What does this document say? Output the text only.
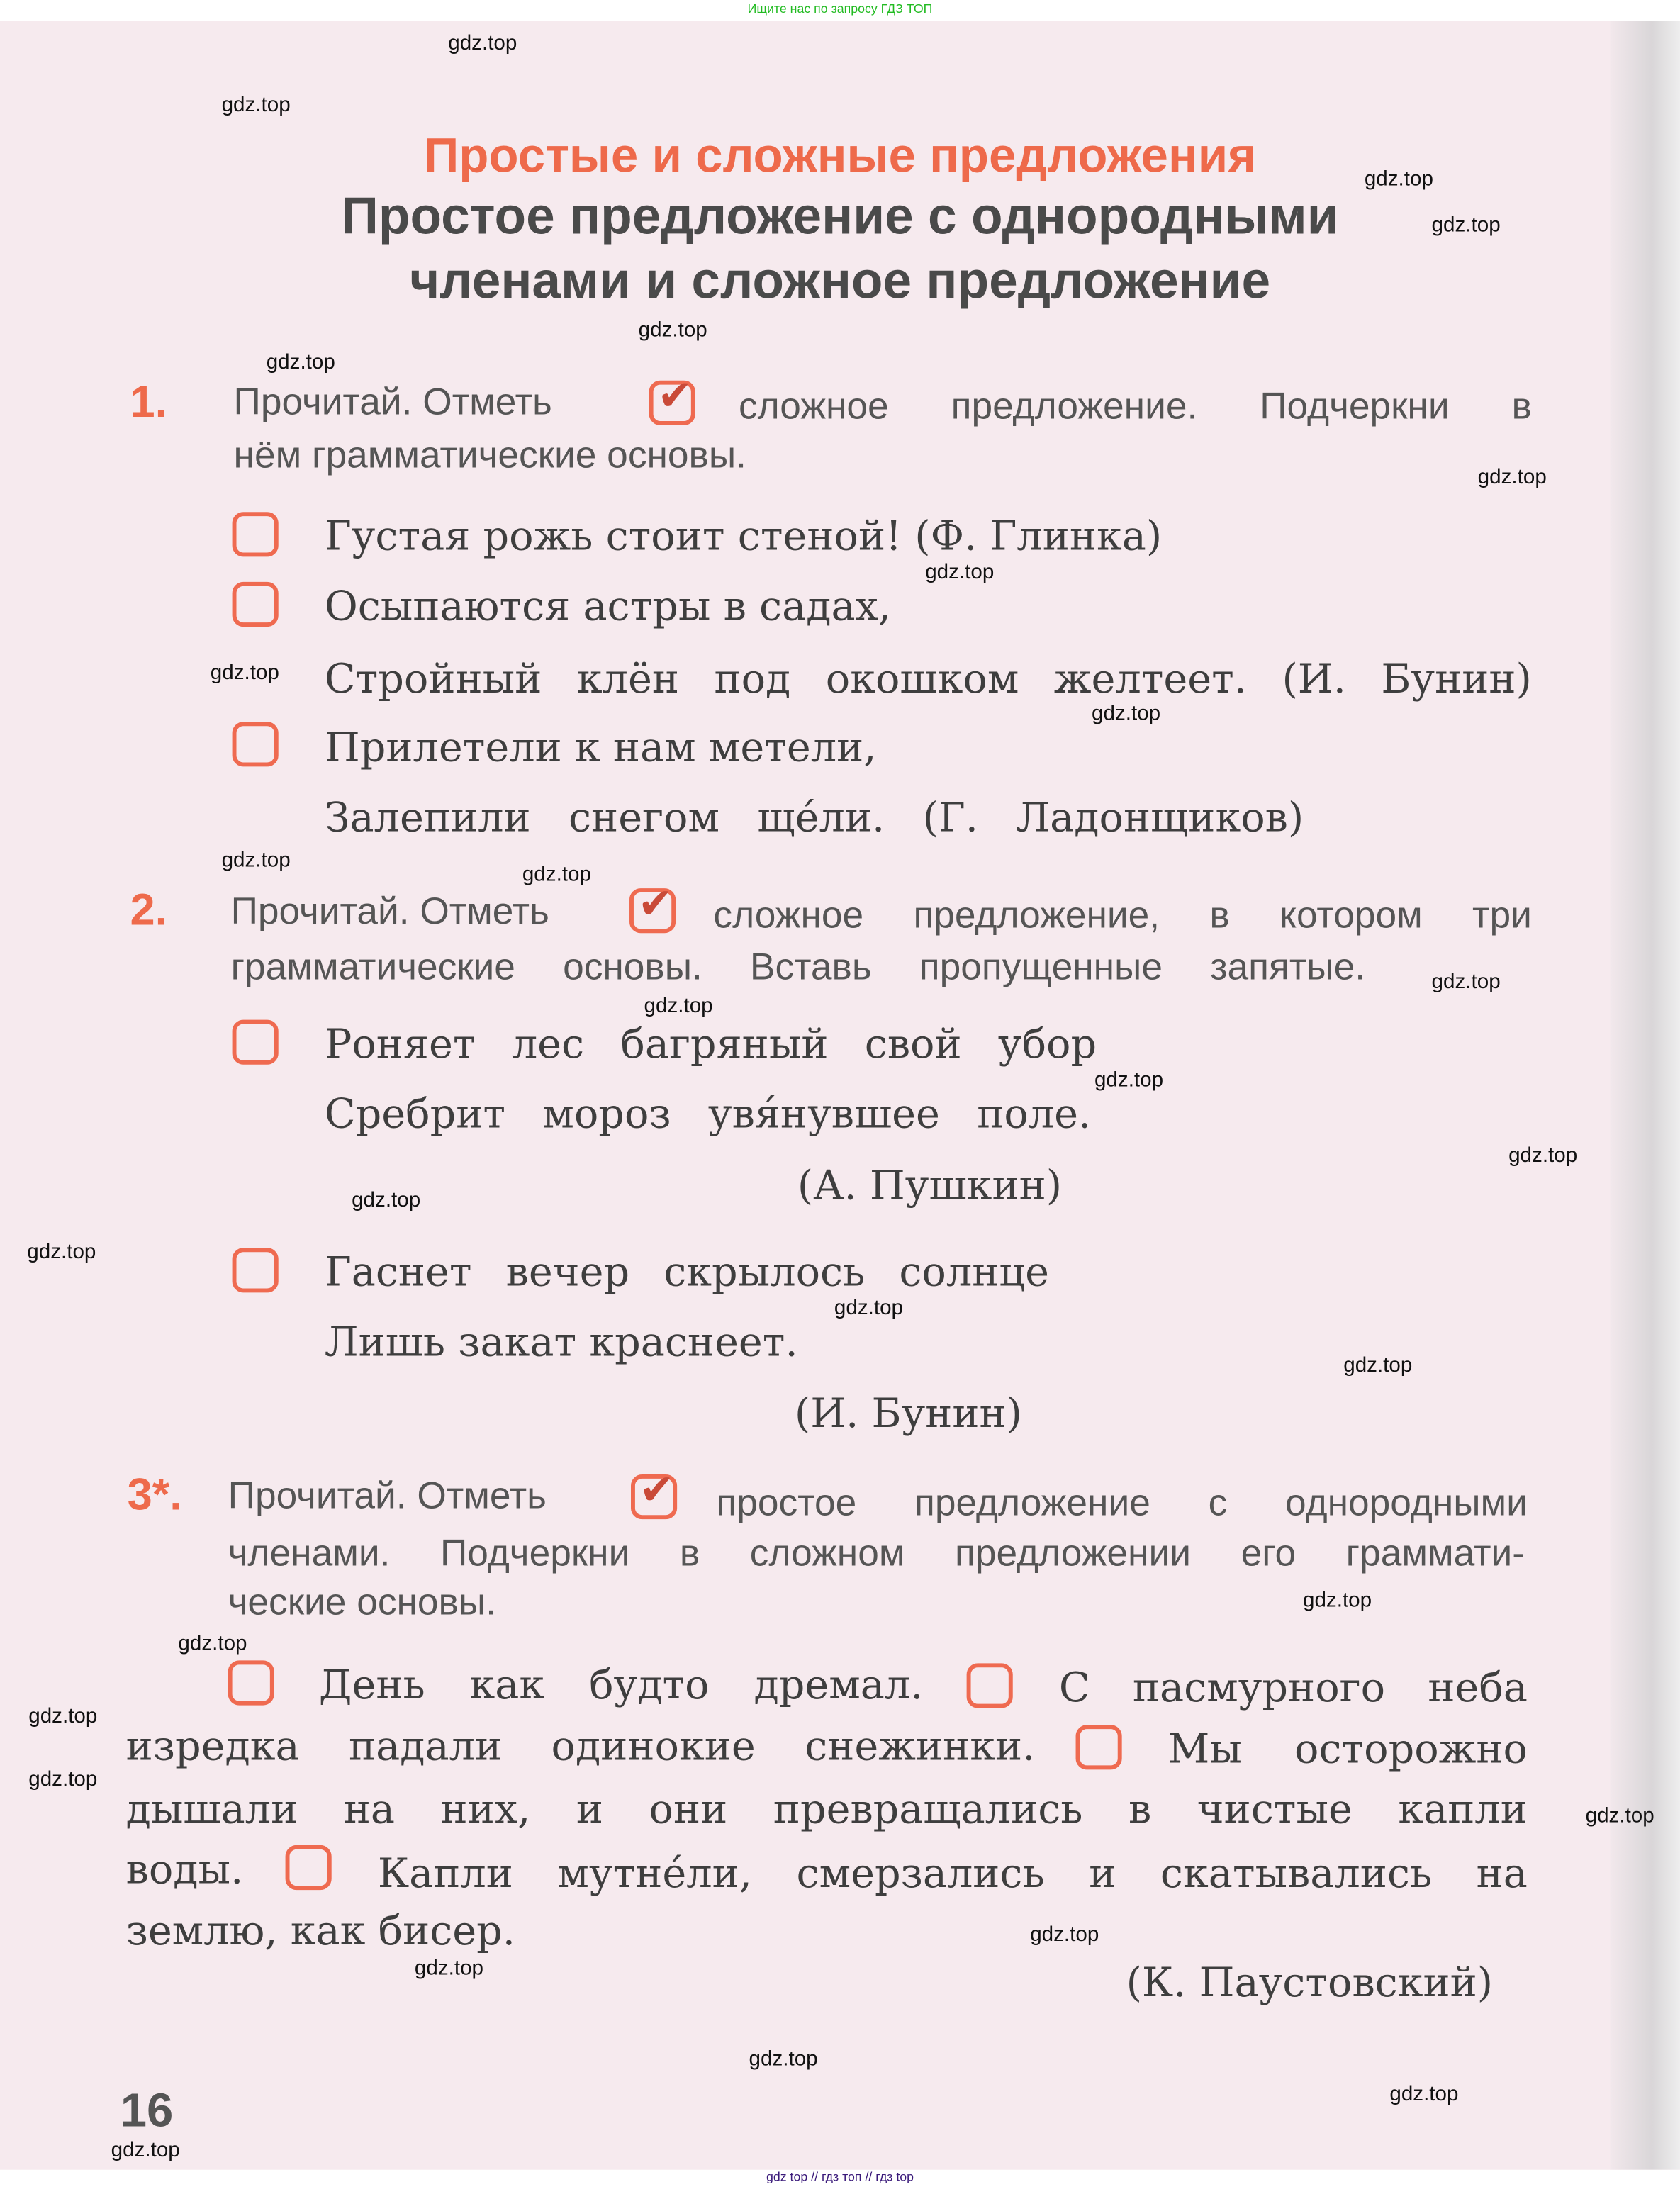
Ищите нас по запросу ГДЗ ТОП
Простые и сложные предложения
Простое предложение с однородными
членами и сложное предложение
1.	Прочитай. Отметь	✔ сложное предложение. Подчеркни в
нём грамматические основы.
Густая рожь стоит стеной! (Ф. Глинка)
Осыпаются астры в садах,
Стройный клён под окошком желтеет. (И. Бунин)
Прилетели к нам метели,
Залепили снегом щéли. (Г. Ладонщиков)
2.	Прочитай. Отметь	✔ сложное предложение, в котором три
грамматические основы. Вставь пропущенные запятые.
Роняет лес багряный свой убор
Сребрит мороз увя́нувшее поле.
(А. Пушкин)
Гаснет вечер скрылось солнце
Лишь закат краснеет.
(И. Бунин)
3*. Прочитай. Отметь	✔ простое предложение с однородными
членами. Подчеркни в сложном предложении его граммати-
ческие основы.
День как будто дремал.	С пасмурного неба
изредка падали одинокие снежинки.	Мы осторожно
дышали на них, и они превращались в чистые капли
воды.	Капли мутнéли, смерзались и скатывались на
землю, как бисер.
(К. Паустовский)
16
gdz.top
gdz.top
gdz.top
gdz.top
gdz.top
gdz.top
gdz.top
gdz.top
gdz.top
gdz.top
gdz.top
gdz.top
gdz.top
gdz.top
gdz.top
gdz.top
gdz.top
gdz.top
gdz.top
gdz.top
gdz.top
gdz.top
gdz.top
gdz.top
gdz.top
gdz.top
gdz.top
gdz.top
gdz.top
gdz.top
gdz top // гдз топ // гдз top
